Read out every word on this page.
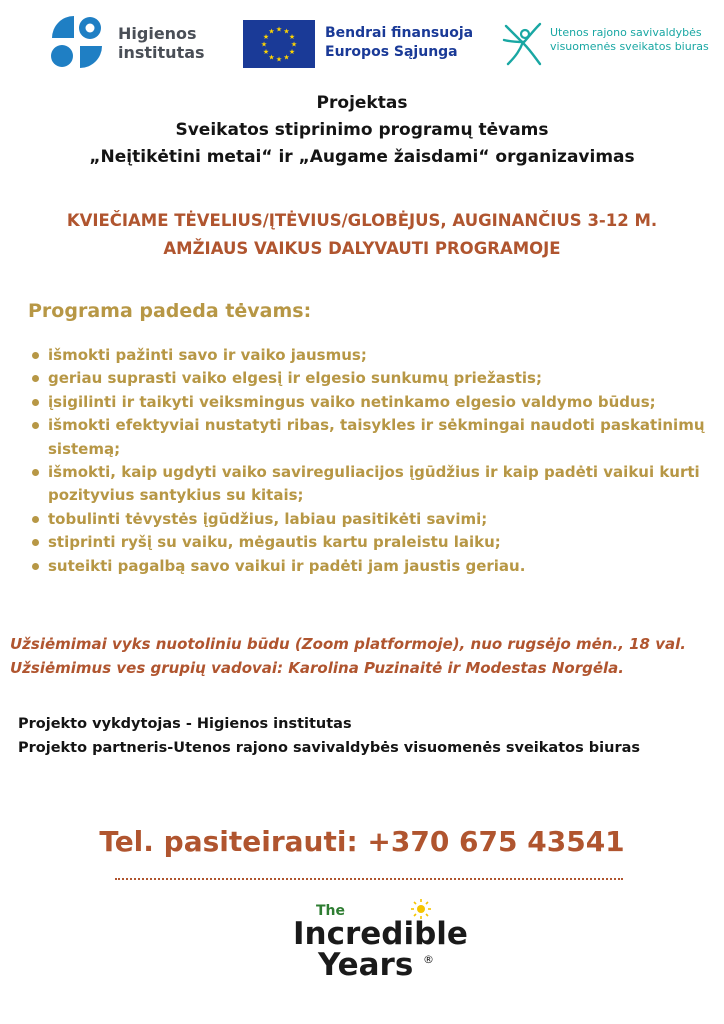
Higienos
institutas
★ ★
★
★
★
★
★
★
★
★
★
★	Bendrai finansuoja
Europos Sąjunga
Utenos rajono savivaldybės
visuomenės sveikatos biuras
Projektas
Sveikatos stiprinimo programų tėvams
„Neįtikėtini metai“ ir „Augame žaisdami“ organizavimas
KVIEČIAME TĖVELIUS/ĮTĖVIUS/GLOBĖJUS, AUGINANČIUS 3-12 M.
AMŽIAUS VAIKUS DALYVAUTI PROGRAMOJE
Programa padeda tėvams:
išmokti pažinti savo ir vaiko jausmus;
geriau suprasti vaiko elgesį ir elgesio sunkumų priežastis;
įsigilinti ir taikyti veiksmingus vaiko netinkamo elgesio valdymo būdus;
išmokti efektyviai nustatyti ribas, taisykles ir sėkmingai naudoti paskatinimų sistemą;
išmokti, kaip ugdyti vaiko savireguliacijos įgūdžius ir kaip padėti vaikui kurti pozityvius santykius su kitais;
tobulinti tėvystės įgūdžius, labiau pasitikėti savimi;
stiprinti ryšį su vaiku, mėgautis kartu praleistu laiku;
suteikti pagalbą savo vaikui ir padėti jam jaustis geriau.
Užsiėmimai vyks nuotoliniu būdu (Zoom platformoje), nuo rugsėjo mėn., 18 val.
Užsiėmimus ves grupių vadovai: Karolina Puzinaitė ir Modestas Norgėla.
Projekto vykdytojas - Higienos institutas
Projekto partneris-Utenos rajono savivaldybės visuomenės sveikatos biuras
Tel. pasiteirauti: +370 675 43541
The
Incredible
Years ®
